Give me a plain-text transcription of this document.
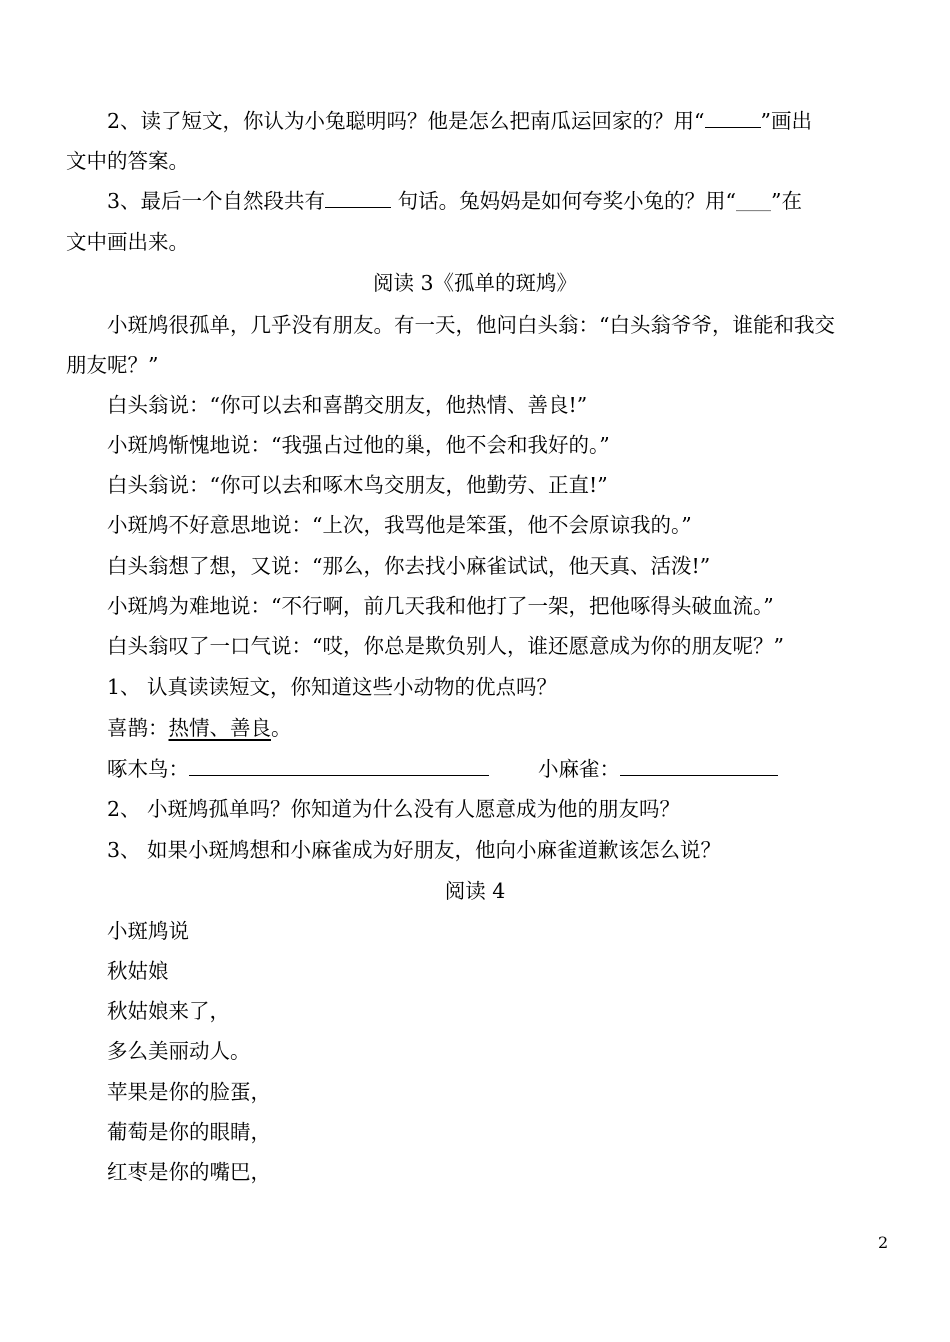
2、读了短文，你认为小兔聪明吗？他是怎么把南瓜运回家的？用“	”画出
文中的答案。
3、最后一个自然段共有	句话。兔妈妈是如何夸奖小兔的？用“_____”在
文中画出来。
阅读 3《孤单的斑鸠》
小斑鸠很孤单，几乎没有朋友。有一天，他问白头翁：“白头翁爷爷，谁能和我交
朋友呢？”
白头翁说：“你可以去和喜鹊交朋友，他热情、善良!”
小斑鸠惭愧地说：“我强占过他的巢，他不会和我好的。”
白头翁说：“你可以去和啄木鸟交朋友，他勤劳、正直!”
小斑鸠不好意思地说：“上次，我骂他是笨蛋，他不会原谅我的。”
白头翁想了想，又说：“那么，你去找小麻雀试试，他天真、活泼!”
小斑鸠为难地说：“不行啊，前几天我和他打了一架，把他啄得头破血流。”
白头翁叹了一口气说：“哎，你总是欺负别人，谁还愿意成为你的朋友呢？”
1、 认真读读短文，你知道这些小动物的优点吗？
喜鹊：热情、善良。
啄木鸟：	小麻雀：
2、 小斑鸠孤单吗？你知道为什么没有人愿意成为他的朋友吗？
3、 如果小斑鸠想和小麻雀成为好朋友，他向小麻雀道歉该怎么说？
阅读 4
小斑鸠说
秋姑娘
秋姑娘来了，
多么美丽动人。
苹果是你的脸蛋，
葡萄是你的眼睛，
红枣是你的嘴巴，
2
